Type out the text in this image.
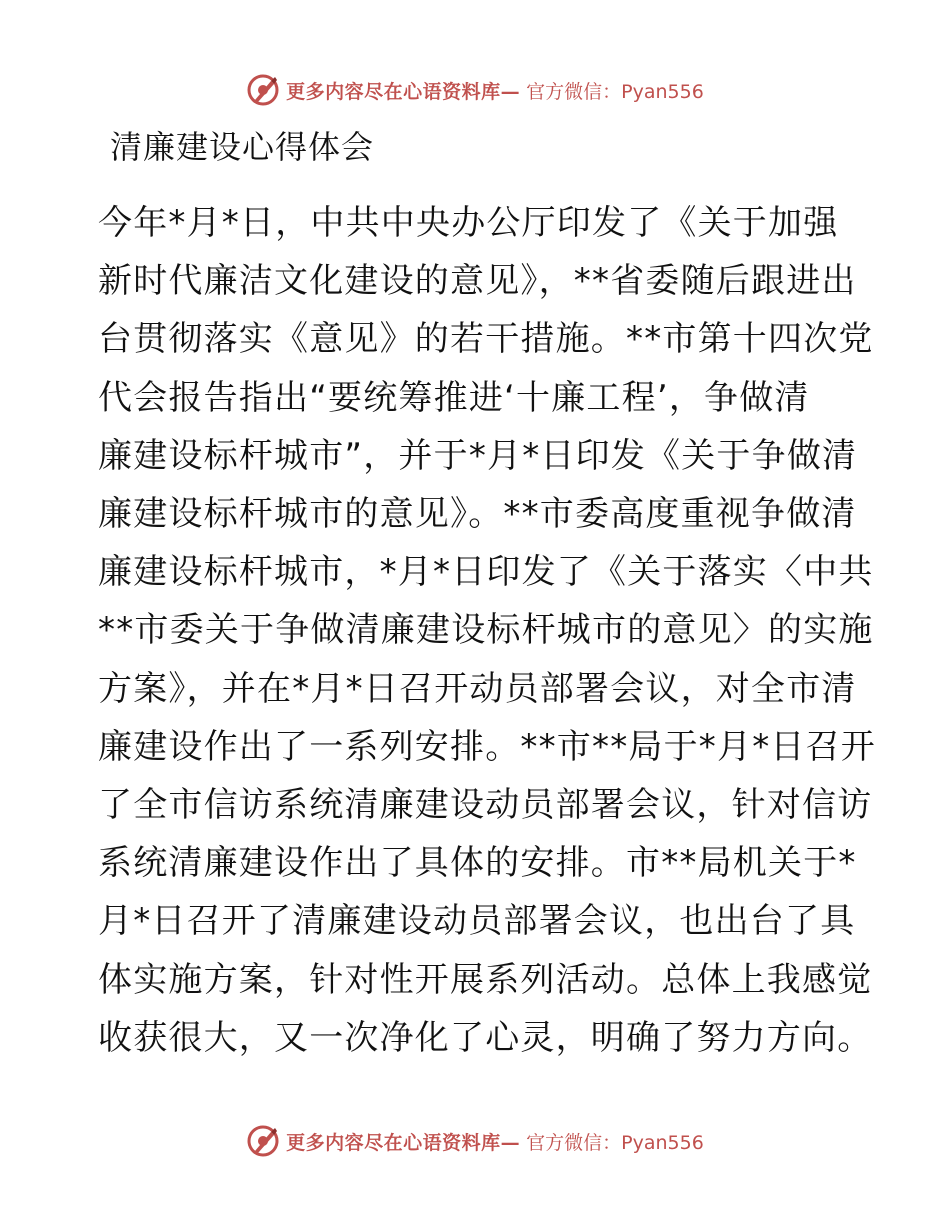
更多内容尽在心语资料库— 官方微信：Pyan556
清廉建设心得体会
今年*月*日，中共中央办公厅印发了《关于加强
新时代廉洁文化建设的意见》，**省委随后跟进出
台贯彻落实《意见》的若干措施。**市第十四次党
代会报告指出“要统筹推进‘十廉工程’，争做清
廉建设标杆城市”，并于*月*日印发《关于争做清
廉建设标杆城市的意见》。**市委高度重视争做清
廉建设标杆城市，*月*日印发了《关于落实〈中共
**市委关于争做清廉建设标杆城市的意见〉的实施
方案》，并在*月*日召开动员部署会议，对全市清
廉建设作出了一系列安排。**市**局于*月*日召开
了全市信访系统清廉建设动员部署会议，针对信访
系统清廉建设作出了具体的安排。市**局机关于*
月*日召开了清廉建设动员部署会议，也出台了具
体实施方案，针对性开展系列活动。总体上我感觉
收获很大，又一次净化了心灵，明确了努力方向。
更多内容尽在心语资料库— 官方微信：Pyan556
